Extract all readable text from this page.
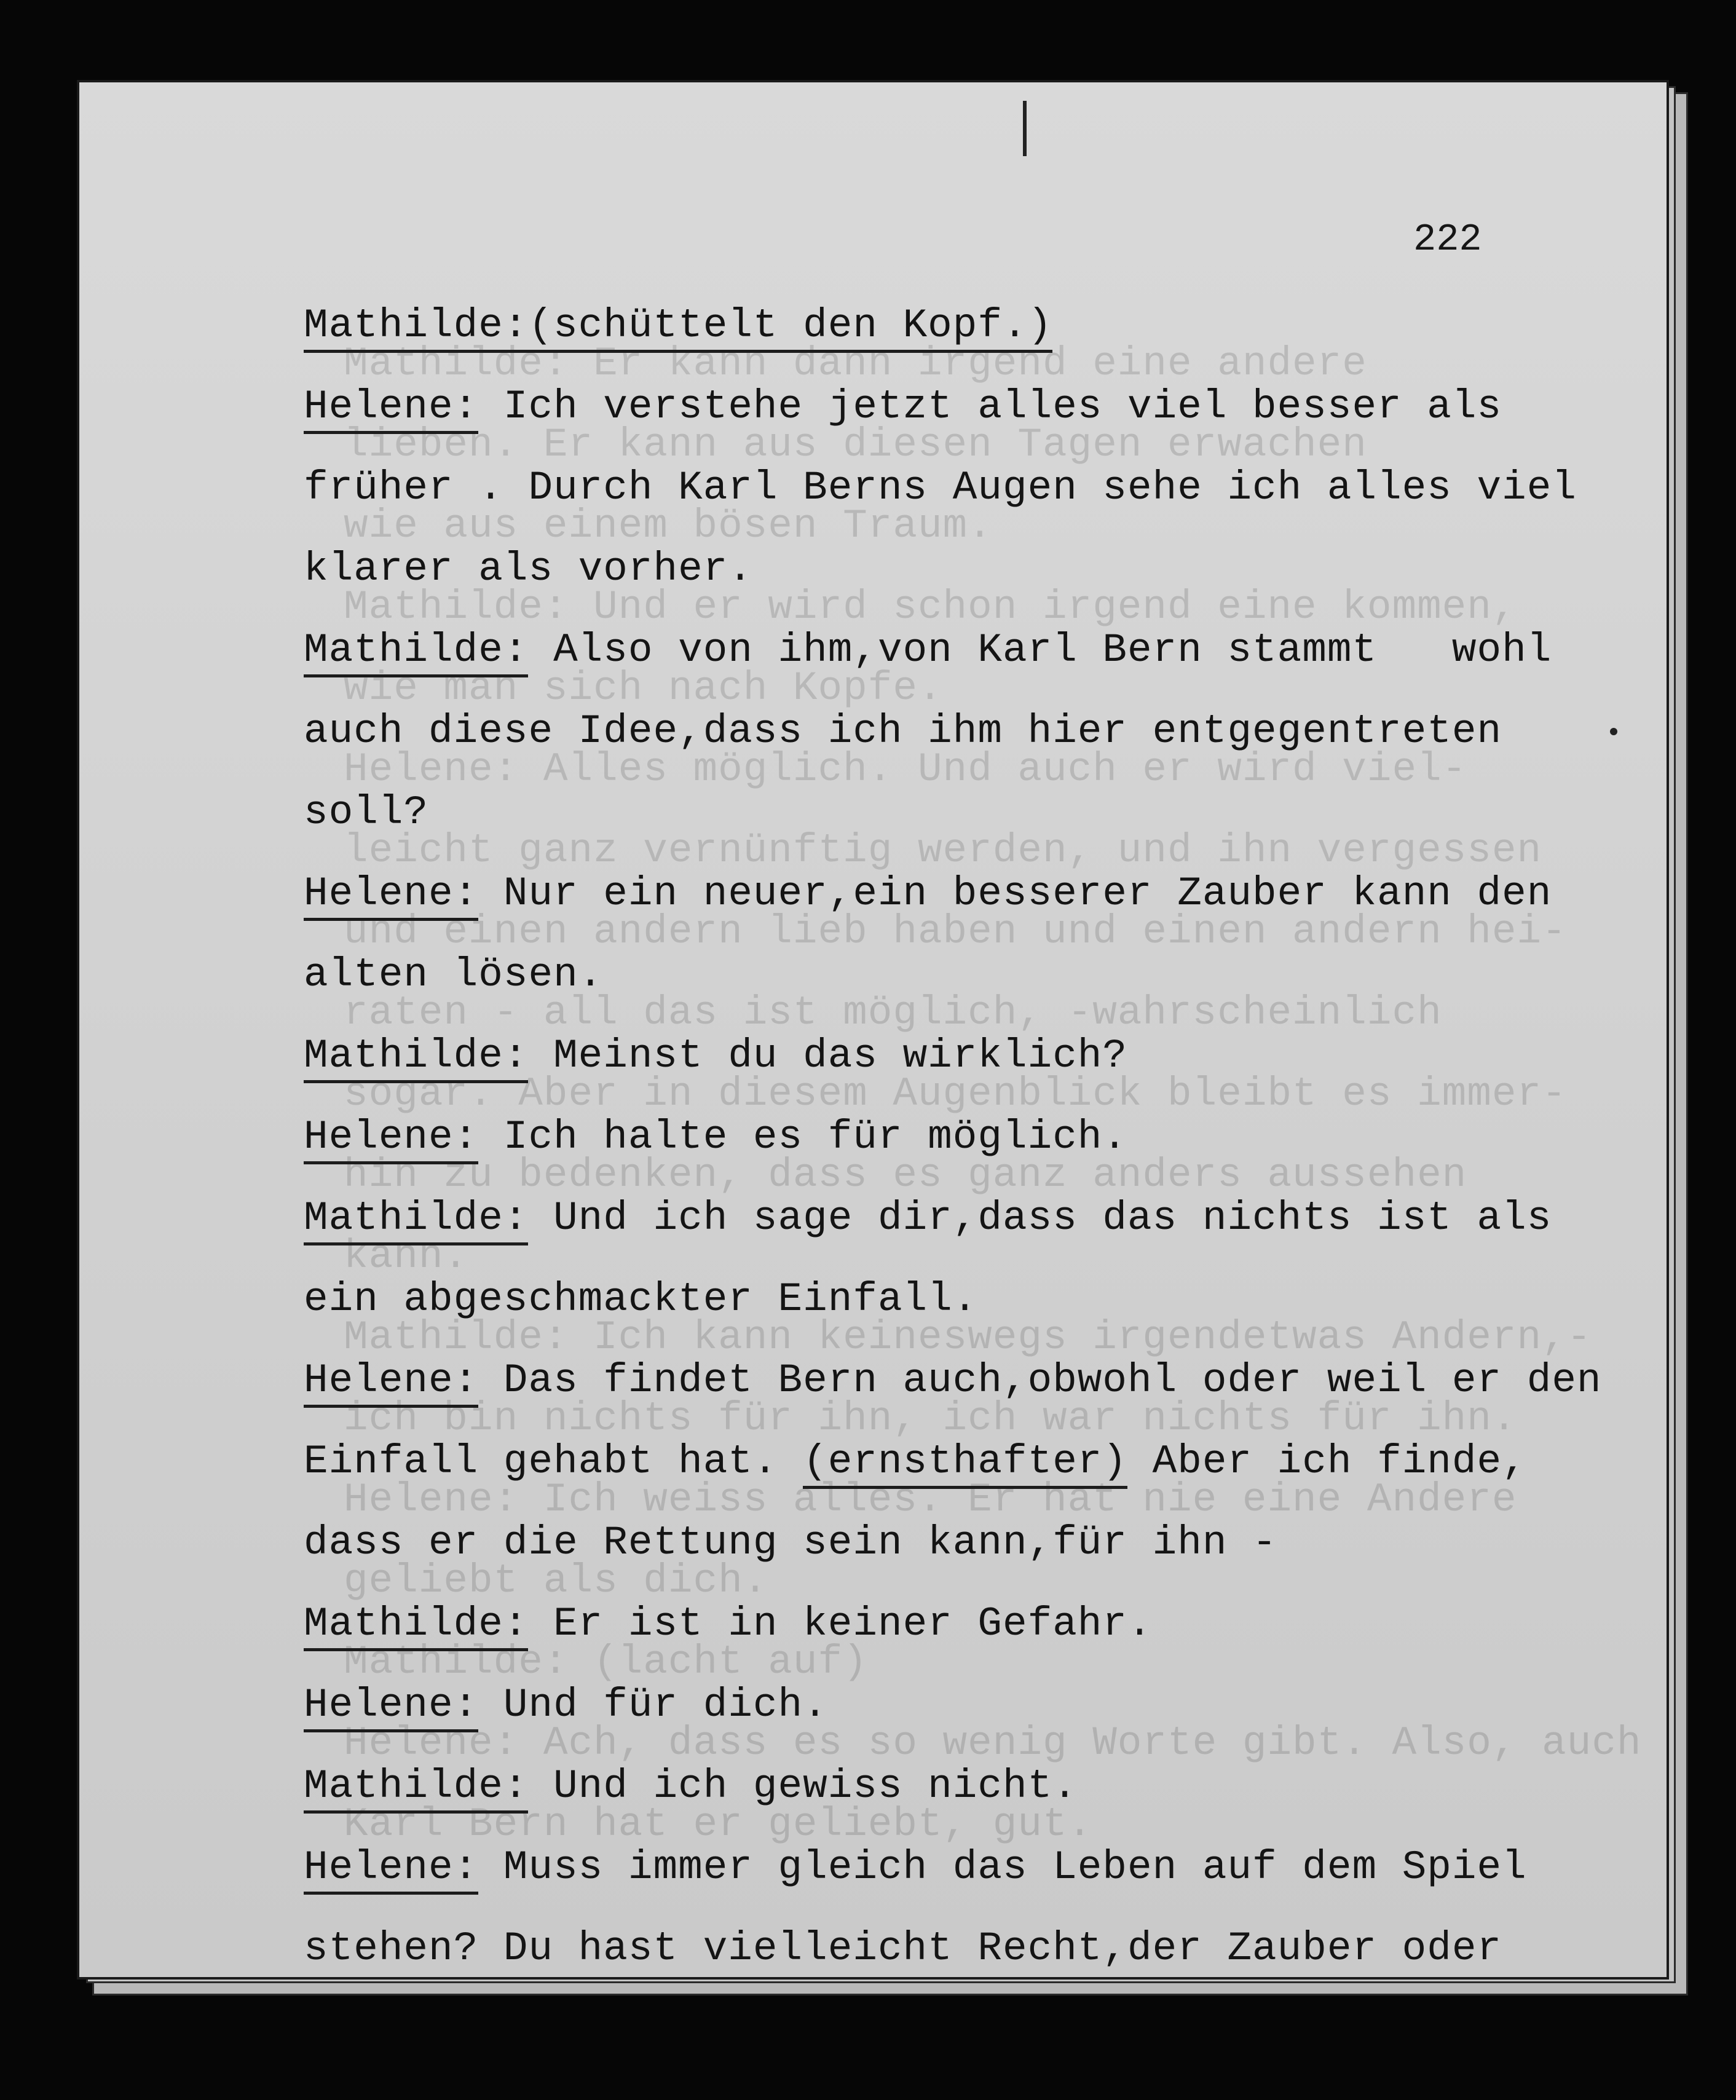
Mathilde: Er kann dann irgend eine andere
lieben. Er kann aus diesen Tagen erwachen
wie aus einem bösen Traum.
Mathilde: Und er wird schon irgend eine kommen,
wie man sich nach Kopfe.
Helene: Alles möglich. Und auch er wird viel-
leicht ganz vernünftig werden, und ihn vergessen
und einen andern lieb haben und einen andern hei-
raten - all das ist möglich, -wahrscheinlich
sogar. Aber in diesem Augenblick bleibt es immer-
hin zu bedenken, dass es ganz anders aussehen
kann.
Mathilde: Ich kann keineswegs irgendetwas Andern,-
ich bin nichts für ihn, ich war nichts für ihn.
Helene: Ich weiss alles. Er hat nie eine Andere
geliebt als dich.
Mathilde: (lacht auf)
Helene: Ach, dass es so wenig Worte gibt. Also, auch
Karl Bern hat er geliebt, gut.
222
Mathilde:(schüttelt den Kopf.)
Helene: Ich verstehe jetzt alles viel besser als
früher . Durch Karl Berns Augen sehe ich alles viel
klarer als vorher.
Mathilde: Also von ihm,von Karl Bern stammt   wohl
auch diese Idee,dass ich ihm hier entgegentreten
soll?
Helene: Nur ein neuer,ein besserer Zauber kann den
alten lösen.
Mathilde: Meinst du das wirklich?
Helene: Ich halte es für möglich.
Mathilde: Und ich sage dir,dass das nichts ist als
ein abgeschmackter Einfall.
Helene: Das findet Bern auch,obwohl oder weil er den
Einfall gehabt hat. (ernsthafter) Aber ich finde,
dass er die Rettung sein kann,für ihn -
Mathilde: Er ist in keiner Gefahr.
Helene: Und für dich.
Mathilde: Und ich gewiss nicht.
Helene: Muss immer gleich das Leben auf dem Spiel
stehen? Du hast vielleicht Recht,der Zauber oder
